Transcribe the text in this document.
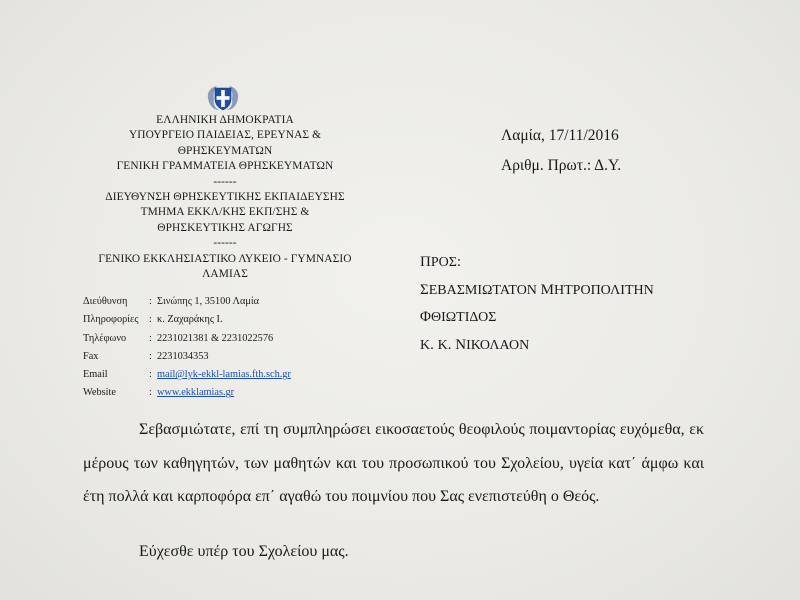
ΕΛΛΗΝΙΚΗ ΔΗΜΟΚΡΑΤΙΑ
ΥΠΟΥΡΓΕΙΟ ΠΑΙΔΕΙΑΣ, ΕΡΕΥΝΑΣ &
ΘΡΗΣΚΕΥΜΑΤΩΝ
ΓΕΝΙΚΗ ΓΡΑΜΜΑΤΕΙΑ ΘΡΗΣΚΕΥΜΑΤΩΝ
------
ΔΙΕΥΘΥΝΣΗ ΘΡΗΣΚΕΥΤΙΚΗΣ ΕΚΠΑΙΔΕΥΣΗΣ
ΤΜΗΜΑ ΕΚΚΛ/ΚΗΣ ΕΚΠ/ΣΗΣ &
ΘΡΗΣΚΕΥΤΙΚΗΣ ΑΓΩΓΗΣ
------
ΓΕΝΙΚΟ ΕΚΚΛΗΣΙΑΣΤΙΚΟ ΛΥΚΕΙΟ - ΓΥΜΝΑΣΙΟ
ΛΑΜΙΑΣ
Διεύθυνση	: Σινώπης 1, 35100 Λαμία
Πληροφορίες	: κ. Ζαχαράκης Ι.
Τηλέφωνο	: 2231021381 & 2231022576
Fax	: 2231034353
Email	: mail@lyk-ekkl-lamias.fth.sch.gr
Website	: www.ekklamias.gr
Λαμία, 17/11/2016
Αριθμ. Πρωτ.: Δ.Υ.
ΠΡΟΣ:
ΣΕΒΑΣΜΙΩΤΑΤΟΝ ΜΗΤΡΟΠΟΛΙΤΗΝ
ΦΘΙΩΤΙΔΟΣ
Κ. Κ. ΝΙΚΟΛΑΟΝ

Σεβασμιώτατε, επί τη συμπληρώσει εικοσαετούς θεοφιλούς ποιμαντορίας ευχόμεθα, εκ μέρους των καθηγητών, των μαθητών και του προσωπικού του Σχολείου, υγεία κατ΄ άμφω και έτη πολλά και καρποφόρα επ΄ αγαθώ του ποιμνίου που Σας ενεπιστεύθη ο Θεός.

Εύχεσθε υπέρ του Σχολείου μας.
